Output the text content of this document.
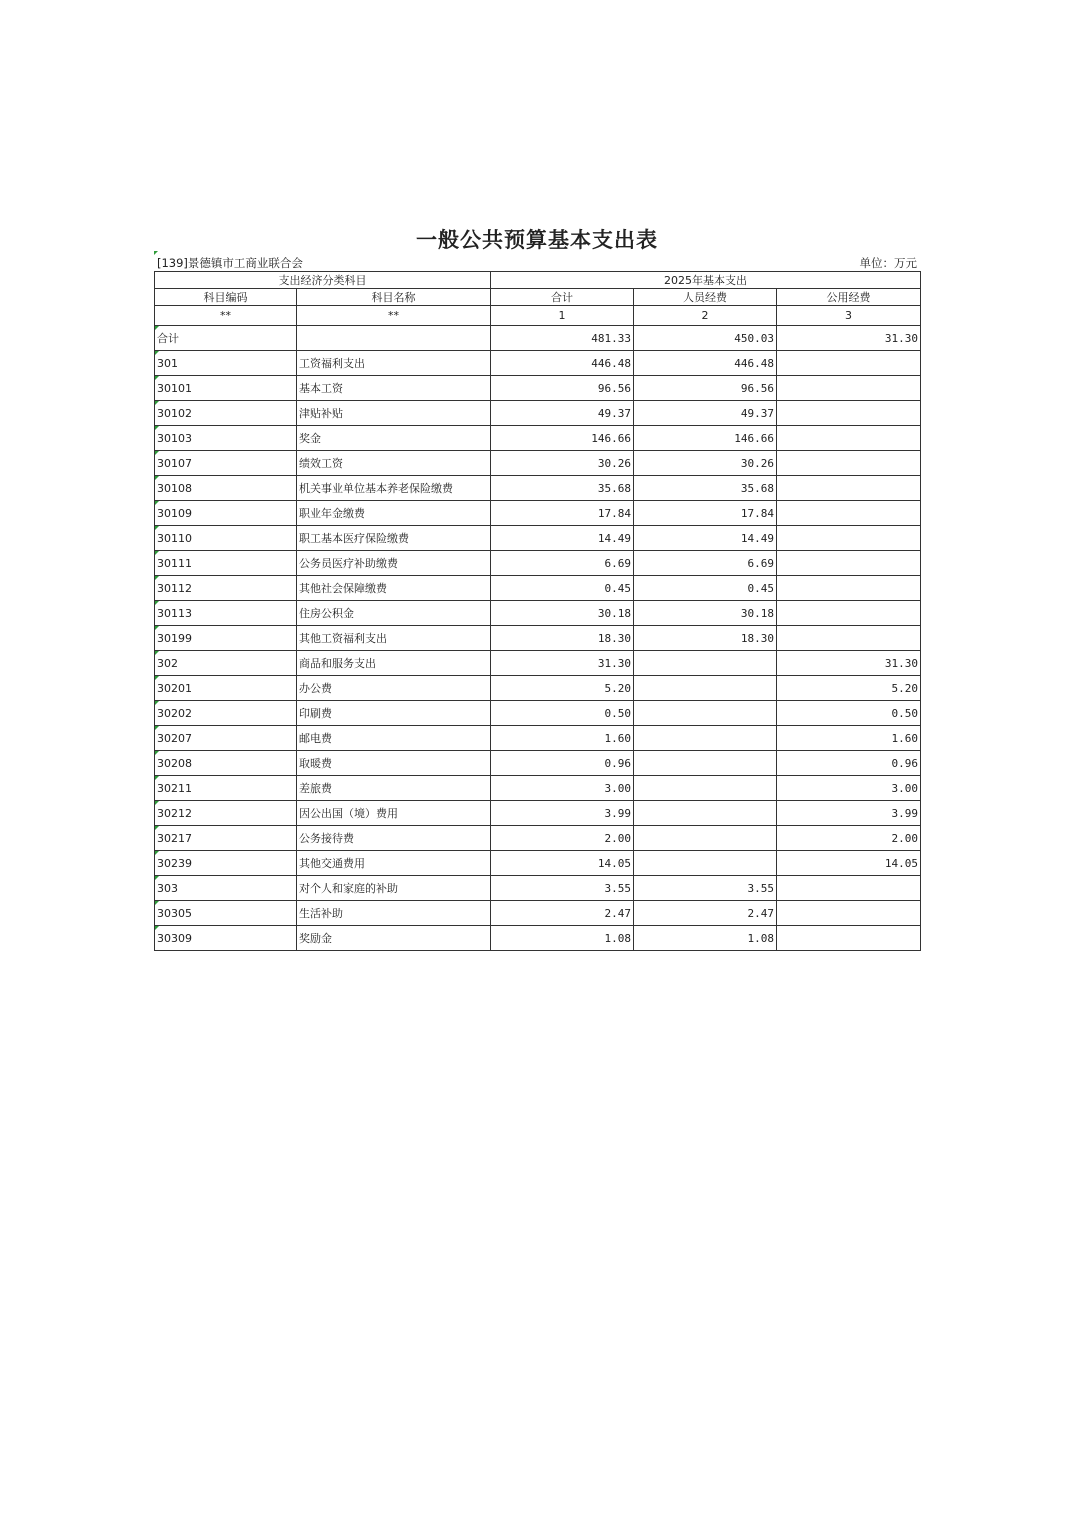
一般公共预算基本支出表
[139]景德镇市工商业联合会	单位：万元
支出经济分类科目		2025年基本支出		
科目编码	科目名称	合计	人员经费	公用经费
**	**	1	2	3
合计		481.33	450.03	31.30
301	工资福利支出	446.48	446.48	
30101	基本工资	96.56	96.56	
30102	津贴补贴	49.37	49.37	
30103	奖金	146.66	146.66	
30107	绩效工资	30.26	30.26	
30108	机关事业单位基本养老保险缴费	35.68	35.68	
30109	职业年金缴费	17.84	17.84	
30110	职工基本医疗保险缴费	14.49	14.49	
30111	公务员医疗补助缴费	6.69	6.69	
30112	其他社会保障缴费	0.45	0.45	
30113	住房公积金	30.18	30.18	
30199	其他工资福利支出	18.30	18.30	
302	商品和服务支出	31.30		31.30
30201	办公费	5.20		5.20
30202	印刷费	0.50		0.50
30207	邮电费	1.60		1.60
30208	取暖费	0.96		0.96
30211	差旅费	3.00		3.00
30212	因公出国（境）费用	3.99		3.99
30217	公务接待费	2.00		2.00
30239	其他交通费用	14.05		14.05
303	对个人和家庭的补助	3.55	3.55	
30305	生活补助	2.47	2.47	
30309	奖励金	1.08	1.08	
